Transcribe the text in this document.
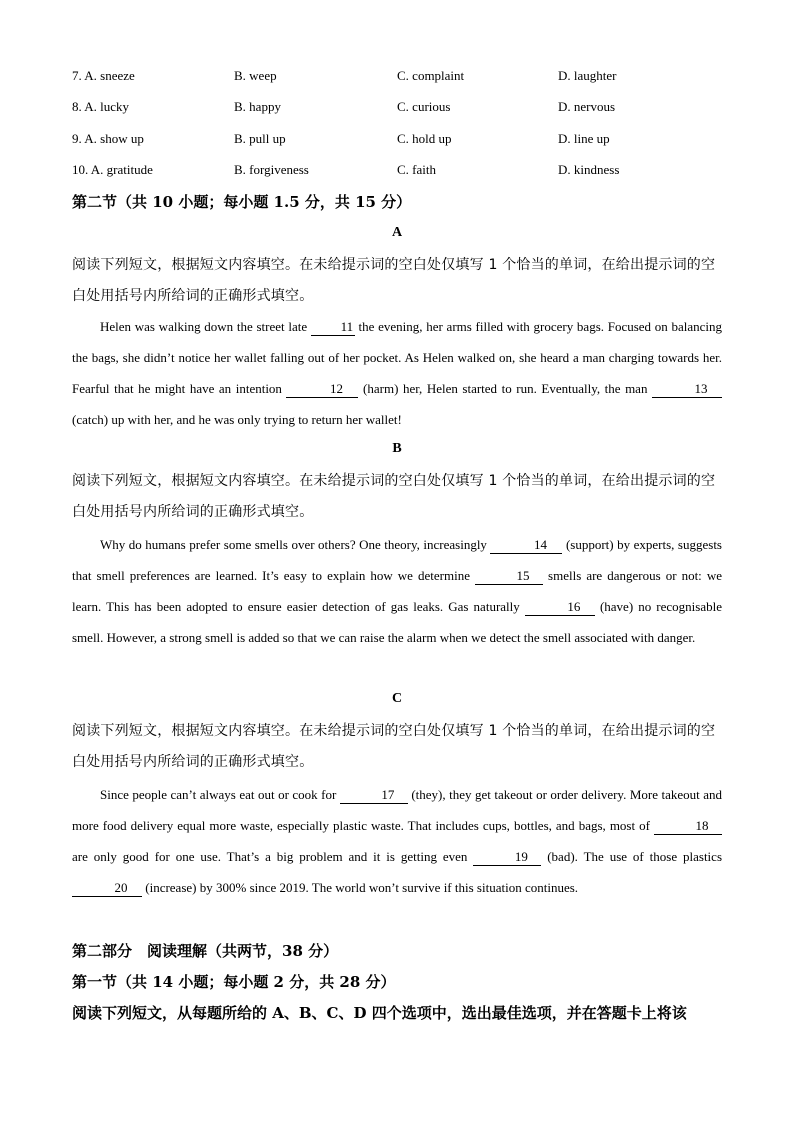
7. A. sneeze	B. weep	C. complaint	D. laughter
8. A. lucky	B. happy	C. curious	D. nervous
9. A. show up	B. pull up	C. hold up	D. line up
10. A. gratitude	B. forgiveness	C. faith	D. kindness
第二节（共 10 小题；每小题 1.5 分，共 15 分）
A
阅读下列短文，根据短文内容填空。在未给提示词的空白处仅填写 1 个恰当的单词，在给出提示词的空白处用括号内所给词的正确形式填空。
Helen was walking down the street late 11 the evening, her arms filled with grocery bags. Focused on balancing the bags, she didn’t notice her wallet falling out of her pocket. As Helen walked on, she heard a man charging towards her. Fearful that he might have an intention	12 (harm) her, Helen started to run. Eventually, the man	13 (catch) up with her, and he was only trying to return her wallet!
B
阅读下列短文，根据短文内容填空。在未给提示词的空白处仅填写 1 个恰当的单词，在给出提示词的空白处用括号内所给词的正确形式填空。
Why do humans prefer some smells over others? One theory, increasingly	14 (support) by experts, suggests that smell preferences are learned. It’s easy to explain how we determine	15 smells are dangerous or not: we learn. This has been adopted to ensure easier detection of gas leaks. Gas naturally	16 (have) no recognisable smell. However, a strong smell is added so that we can raise the alarm when we detect the smell associated with danger.
C
阅读下列短文，根据短文内容填空。在未给提示词的空白处仅填写 1 个恰当的单词，在给出提示词的空白处用括号内所给词的正确形式填空。
Since people can’t always eat out or cook for	17 (they), they get takeout or order delivery. More takeout and more food delivery equal more waste, especially plastic waste. That includes cups, bottles, and bags, most of	18 are only good for one use. That’s a big problem and it is getting even	19 (bad). The use of those plastics 20 (increase) by 300% since 2019. The world won’t survive if this situation continues.
第二部分　阅读理解（共两节，38 分）
第一节（共 14 小题；每小题 2 分，共 28 分）
阅读下列短文，从每题所给的 A、B、C、D 四个选项中，选出最佳选项，并在答题卡上将该
